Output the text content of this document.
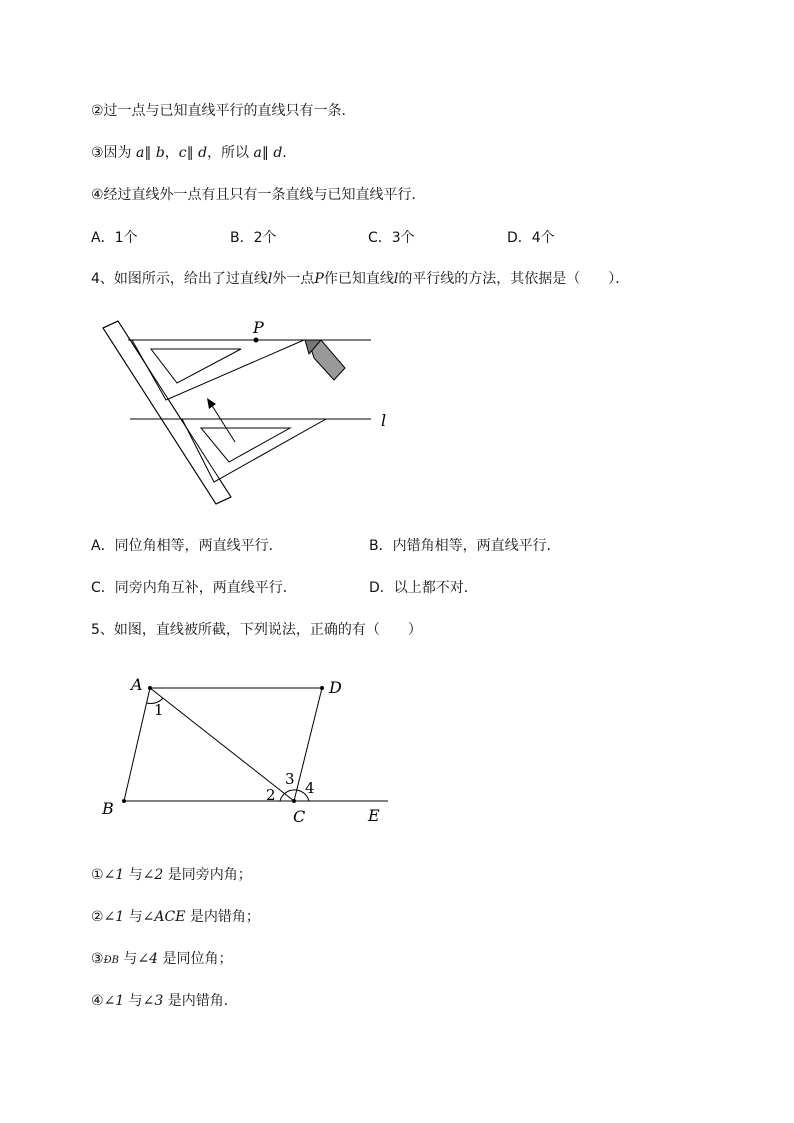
②过一点与已知直线平行的直线只有一条．
③因为 a∥ b，c∥ d，所以 a∥ d.
④经过直线外一点有且只有一条直线与已知直线平行．
A．1个	B．2个	C．3个	D．4个
4、如图所示，给出了过直线l外一点P作已知直线l的平行线的方法，其依据是（　　）．
P
l
A．同位角相等，两直线平行．	B．内错角相等，两直线平行．
C．同旁内角互补，两直线平行．	D．以上都不对．
5、如图，直线被所截，下列说法，正确的有（　　）
A	D
B	C	E
1
2
3 4
①∠1 与∠2 是同旁内角；
②∠1 与∠ACE 是内错角；
③ÐB 与∠4 是同位角；
④∠1 与∠3 是内错角．
